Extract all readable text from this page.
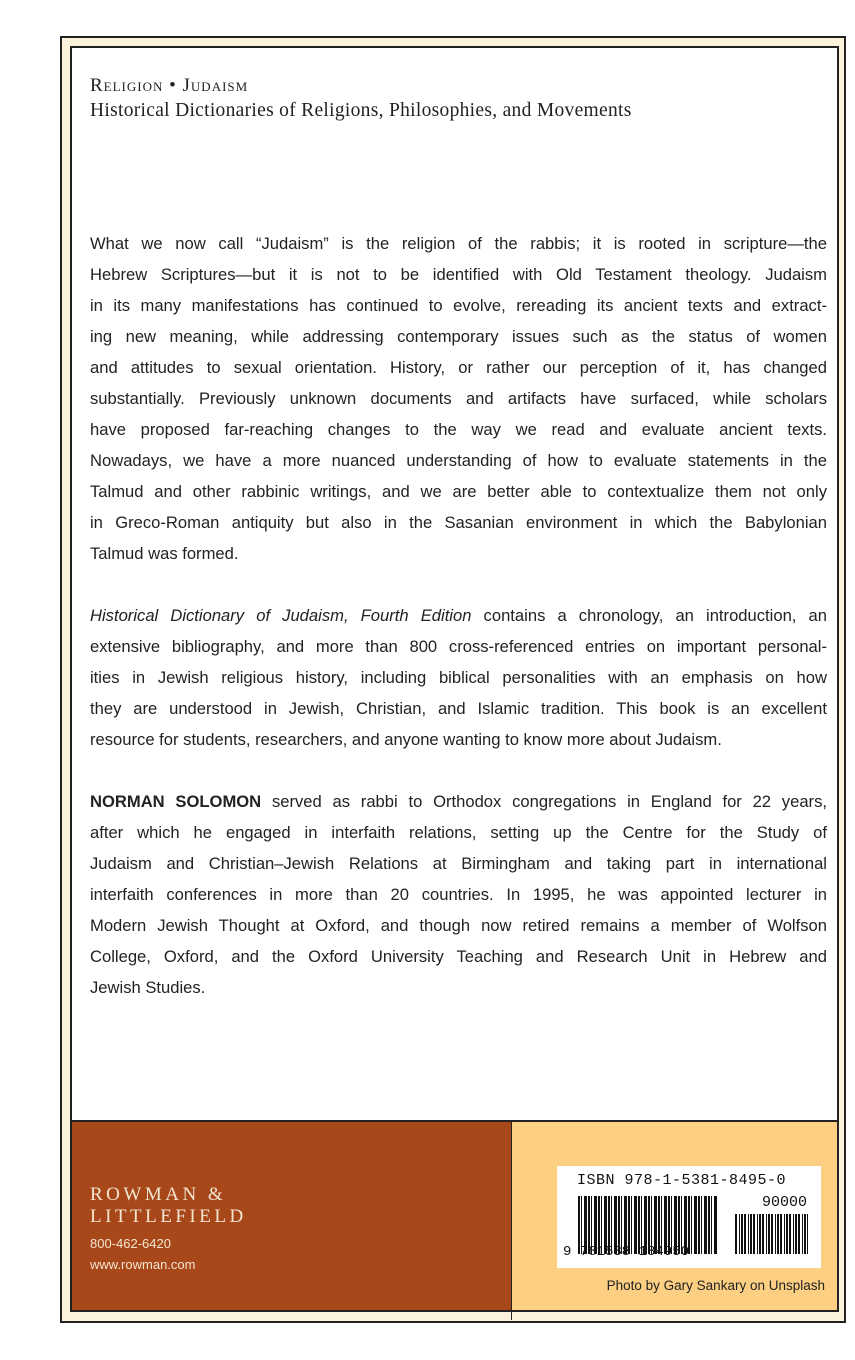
Religion • Judaism
Historical Dictionaries of Religions, Philosophies, and Movements
What we now call “Judaism” is the religion of the rabbis; it is rooted in scripture—the
Hebrew Scriptures—but it is not to be identified with Old Testament theology. Judaism
in its many manifestations has continued to evolve, rereading its ancient texts and extract-
ing new meaning, while addressing contemporary issues such as the status of women
and attitudes to sexual orientation. History, or rather our perception of it, has changed
substantially. Previously unknown documents and artifacts have surfaced, while scholars
have proposed far-reaching changes to the way we read and evaluate ancient texts.
Nowadays, we have a more nuanced understanding of how to evaluate statements in the
Talmud and other rabbinic writings, and we are better able to contextualize them not only
in Greco-Roman antiquity but also in the Sasanian environment in which the Babylonian
Talmud was formed.
Historical Dictionary of Judaism, Fourth Edition contains a chronology, an introduction, an
extensive bibliography, and more than 800 cross-referenced entries on important personal-
ities in Jewish religious history, including biblical personalities with an emphasis on how
they are understood in Jewish, Christian, and Islamic tradition. This book is an excellent
resource for students, researchers, and anyone wanting to know more about Judaism.
NORMAN SOLOMON served as rabbi to Orthodox congregations in England for 22 years,
after which he engaged in interfaith relations, setting up the Centre for the Study of
Judaism and Christian–Jewish Relations at Birmingham and taking part in international
interfaith conferences in more than 20 countries. In 1995, he was appointed lecturer in
Modern Jewish Thought at Oxford, and though now retired remains a member of Wolfson
College, Oxford, and the Oxford University Teaching and Research Unit in Hebrew and
Jewish Studies.
ROWMAN &
LITTLEFIELD
800-462-6420
www.rowman.com
ISBN 978-1-5381-8495-0
90000
9 781538 184950
Photo by Gary Sankary on Unsplash
